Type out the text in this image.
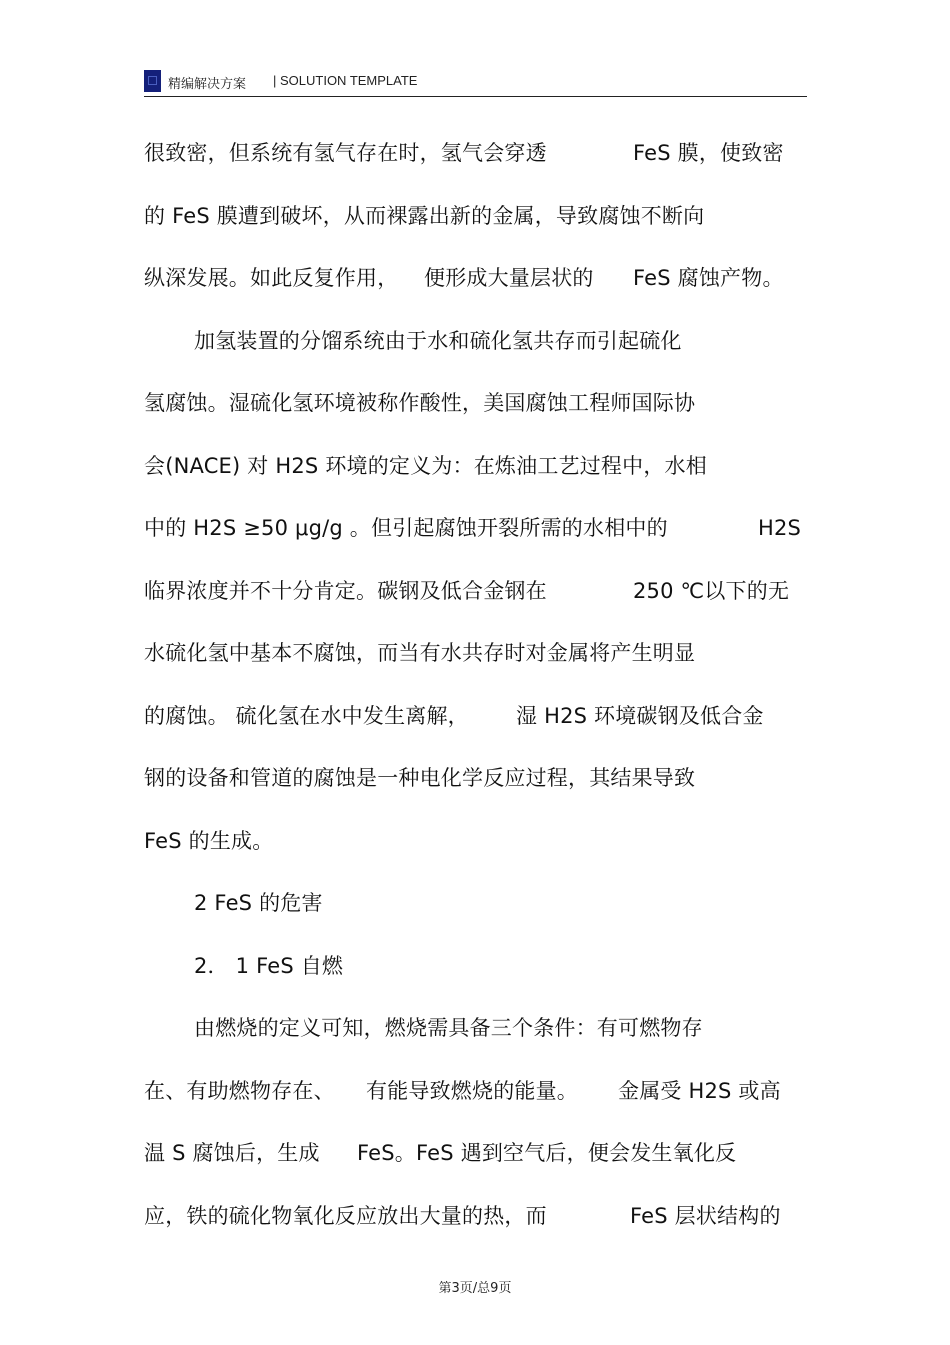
精编解决方案 | SOLUTION TEMPLATE
很致密，但系统有氢气存在时，氢气会穿透	FeS 膜，使致密
的 FeS 膜遭到破坏，从而裸露出新的金属，导致腐蚀不断向
纵深发展。如此反复作用， 便形成大量层状的 FeS 腐蚀产物。
加氢装置的分馏系统由于水和硫化氢共存而引起硫化
氢腐蚀。湿硫化氢环境被称作酸性，美国腐蚀工程师国际协
会(NACE) 对 H2S 环境的定义为：在炼油工艺过程中，水相
中的 H2S ≥50 μg/g 。但引起腐蚀开裂所需的水相中的	H2S
临界浓度并不十分肯定。碳钢及低合金钢在	250 ℃以下的无
水硫化氢中基本不腐蚀，而当有水共存时对金属将产生明显
的腐蚀。 硫化氢在水中发生离解， 湿 H2S 环境碳钢及低合金
钢的设备和管道的腐蚀是一种电化学反应过程，其结果导致
FeS 的生成。
2 FeS 的危害
2． 1 FeS 自燃
由燃烧的定义可知，燃烧需具备三个条件：有可燃物存
在、有助燃物存在、 有能导致燃烧的能量。 金属受 H2S 或高
温 S 腐蚀后，生成 FeS。FeS 遇到空气后，便会发生氧化反
应，铁的硫化物氧化反应放出大量的热，而	FeS 层状结构的
第3页/总9页
